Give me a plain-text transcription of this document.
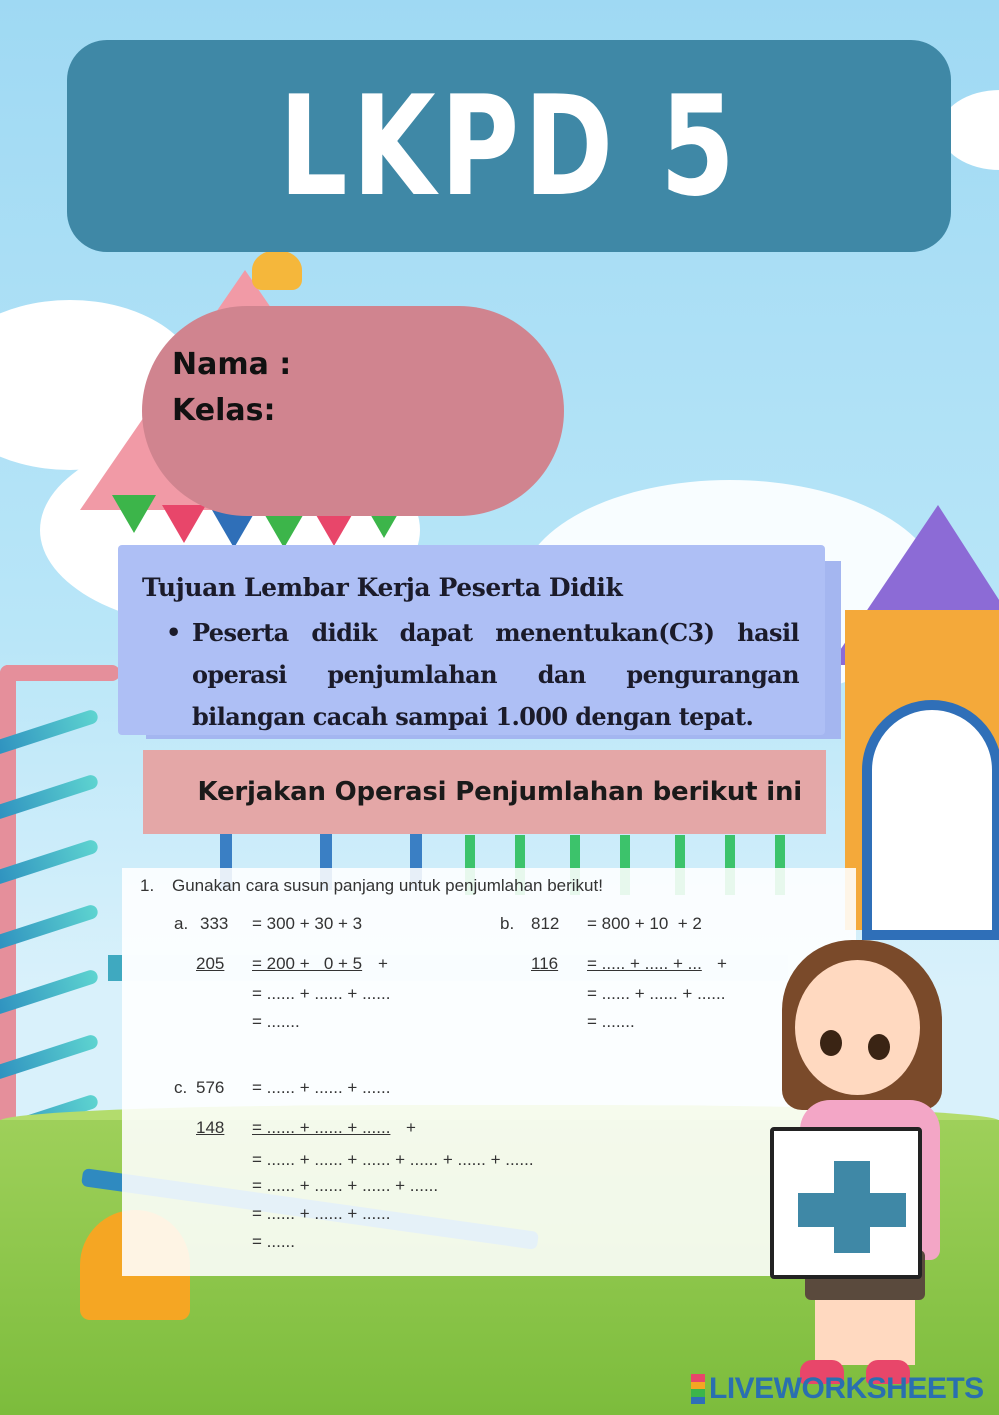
LKPD 5
Nama :
Kelas:
Tujuan Lembar Kerja Peserta Didik
• Peserta didik dapat menentukan(C3) hasil operasi penjumlahan dan pengurangan bilangan cacah sampai 1.000 dengan tepat.
Kerjakan Operasi Penjumlahan berikut ini
1. Gunakan cara susun panjang untuk penjumlahan berikut!
a. 333 = 300 + 30 + 3
205 = 200 +   0 + 5 +
= ...... + ...... + ......
= .......
b. 812 = 800 + 10  + 2
116 = ..... + ..... + ... +
= ...... + ...... + ......
= .......
c. 576 = ...... + ...... + ......
148 = ...... + ...... + ...... +
= ...... + ...... + ...... + ...... + ...... + ......
= ...... + ...... + ...... + ......
= ...... + ...... + ......
= ......
LIVEWORKSHEETS
